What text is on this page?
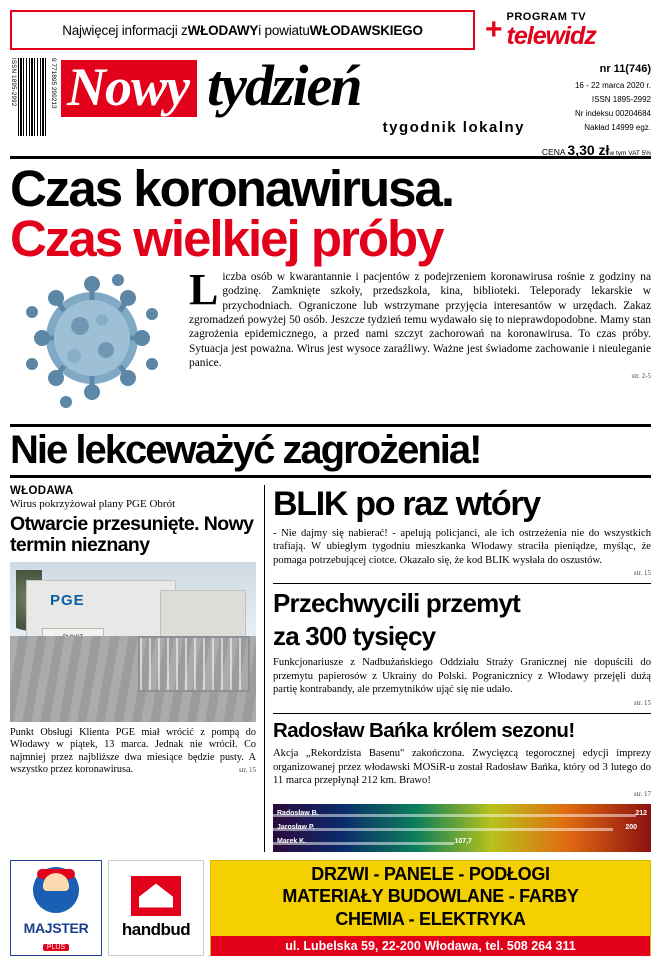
Najwięcej informacji z WŁODAWY i powiatu WŁODAWSKIEGO + PROGRAM TV
telewidz
ISSN 1895-2992	9 771895 299213 Nowy tydzień
tygodnik lokalny
nr 11(746)
16 - 22 marca 2020 r.
ISSN 1895-2992
Nr indeksu 00204684
Nakład 14999 egz.
CENA 3,30 złw tym VAT 5%
Czas koronawirusa.
Czas wielkiej próby
Liczba osób w kwarantannie i pacjentów z podejrzeniem koronawirusa rośnie z godziny na godzinę. Zamknięte szkoły, przedszkola, kina, biblioteki. Teleporady lekarskie w przychodniach. Ograniczone lub wstrzymane przyjęcia interesantów w urzędach. Zakaz zgromadzeń powyżej 50 osób. Jeszcze tydzień temu wydawało się to nieprawdopodobne. Mamy stan zagrożenia epidemicznego, a przed nami szczyt zachorowań na koronawirusa. To czas próby. Sytuacja jest poważna. Wirus jest wysoce zaraźliwy. Ważne jest świadome zachowanie i nieuleganie panice.
str. 2-5
Nie lekceważyć zagrożenia!
WŁODAWA
Wirus pokrzyżował plany PGE Obrót
Otwarcie przesunięte. Nowy termin nieznany
PGE
Punkt Obsługi Klienta PGE miał wrócić z pompą do Włodawy w piątek, 13 marca. Jednak nie wrócił. Co najmniej przez najbliższe dwa miesiące będzie pusty. A wszystko przez koronawirusa.	str. 15
BLIK po raz wtóry
- Nie dajmy się nabierać! - apelują policjanci, ale ich ostrzeżenia nie do wszystkich trafiają. W ubiegłym tygodniu mieszkanka Włodawy straciła pieniądze, myśląc, że pomaga potrzebującej ciotce. Okazało się, że kod BLIK wysłała do oszustów.
str. 15
Przechwycili przemyt
za 300 tysięcy
Funkcjonariusze z Nadbużańskiego Oddziału Straży Granicznej nie dopuścili do przemytu papierosów z Ukrainy do Polski. Pogranicznicy z Włodawy przejęli dużą partię kontrabandy, ale przemytników ująć się nie udało.
str. 15
Radosław Bańka królem sezonu!
Akcja „Rekordzista Basenu" zakończona. Zwycięzcą tegorocznej edycji imprezy organizowanej przez włodawski MOSiR-u został Radosław Bańka, który od 3 lutego do 11 marca przepłynął 212 km. Brawo!
str. 17
Radosław B.
Jarosław P.
Marek K.
212
200
107,7
MAJSTER
PLUS
handbud
DRZWI - PANELE - PODŁOGI
MATERIAŁY BUDOWLANE - FARBY
CHEMIA - ELEKTRYKA
ul. Lubelska 59, 22-200 Włodawa, tel. 508 264 311
